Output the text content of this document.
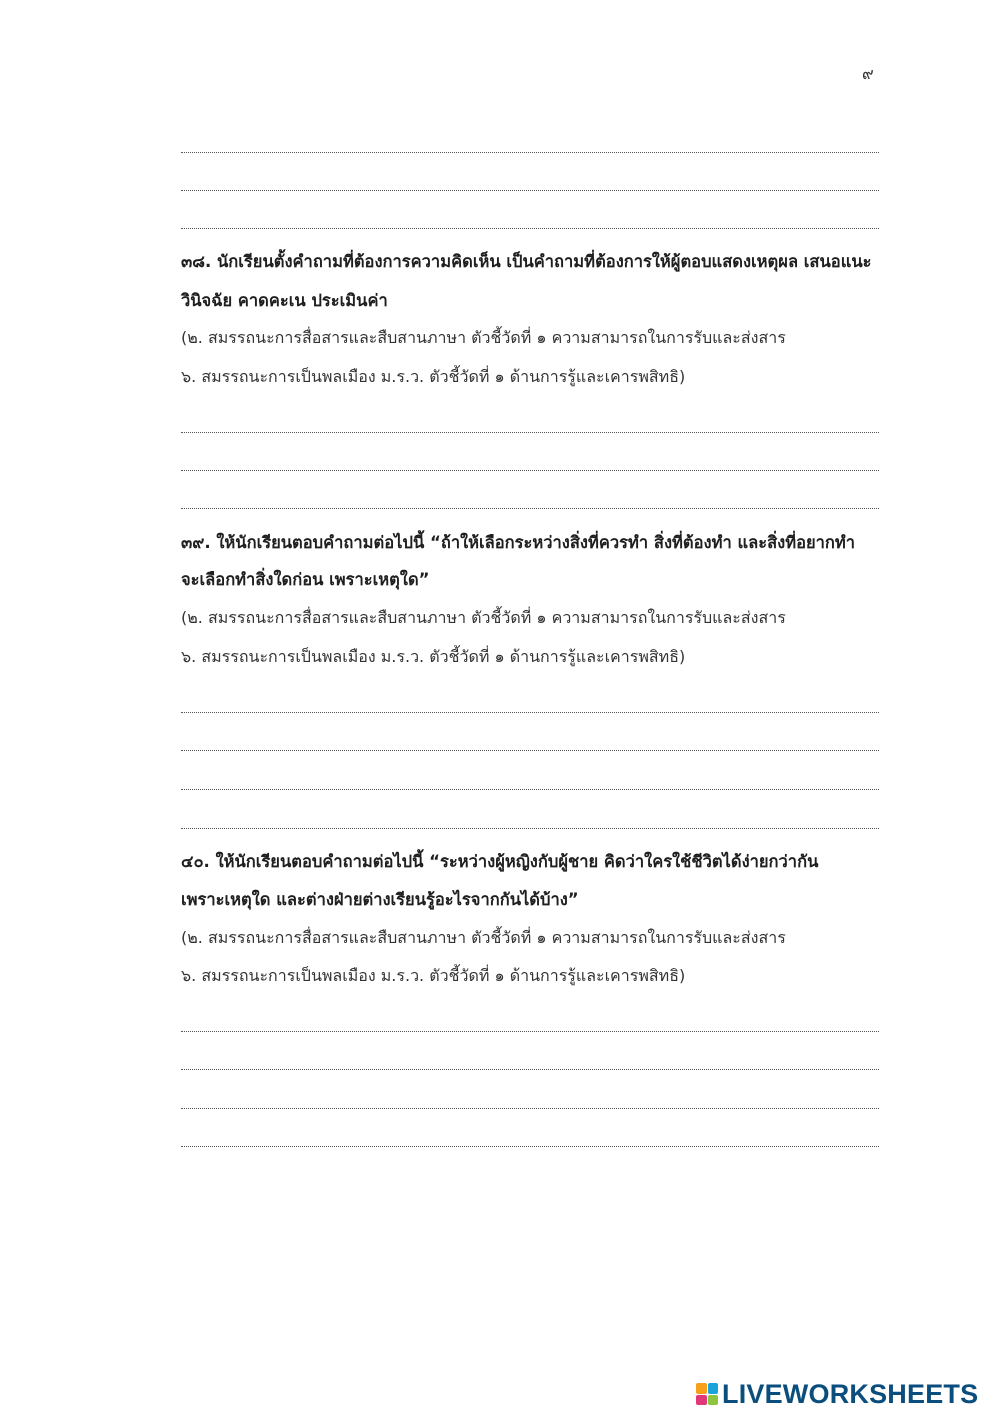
๙
๓๘. นักเรียนตั้งคำถามที่ต้องการความคิดเห็น เป็นคำถามที่ต้องการให้ผู้ตอบแสดงเหตุผล เสนอแนะ
วินิจฉัย คาดคะเน ประเมินค่า
(๒. สมรรถนะการสื่อสารและสืบสานภาษา ตัวชี้วัดที่ ๑ ความสามารถในการรับและส่งสาร
๖. สมรรถนะการเป็นพลเมือง ม.ร.ว. ตัวชี้วัดที่ ๑ ด้านการรู้และเคารพสิทธิ)
๓๙. ให้นักเรียนตอบคำถามต่อไปนี้ “ถ้าให้เลือกระหว่างสิ่งที่ควรทำ สิ่งที่ต้องทำ และสิ่งที่อยากทำ
จะเลือกทำสิ่งใดก่อน เพราะเหตุใด”
(๒. สมรรถนะการสื่อสารและสืบสานภาษา ตัวชี้วัดที่ ๑ ความสามารถในการรับและส่งสาร
๖. สมรรถนะการเป็นพลเมือง ม.ร.ว. ตัวชี้วัดที่ ๑ ด้านการรู้และเคารพสิทธิ)
๔๐. ให้นักเรียนตอบคำถามต่อไปนี้ “ระหว่างผู้หญิงกับผู้ชาย คิดว่าใครใช้ชีวิตได้ง่ายกว่ากัน
เพราะเหตุใด และต่างฝ่ายต่างเรียนรู้อะไรจากกันได้บ้าง”
(๒. สมรรถนะการสื่อสารและสืบสานภาษา ตัวชี้วัดที่ ๑ ความสามารถในการรับและส่งสาร
๖. สมรรถนะการเป็นพลเมือง ม.ร.ว. ตัวชี้วัดที่ ๑ ด้านการรู้และเคารพสิทธิ)
LIVEWORKSHEETS
